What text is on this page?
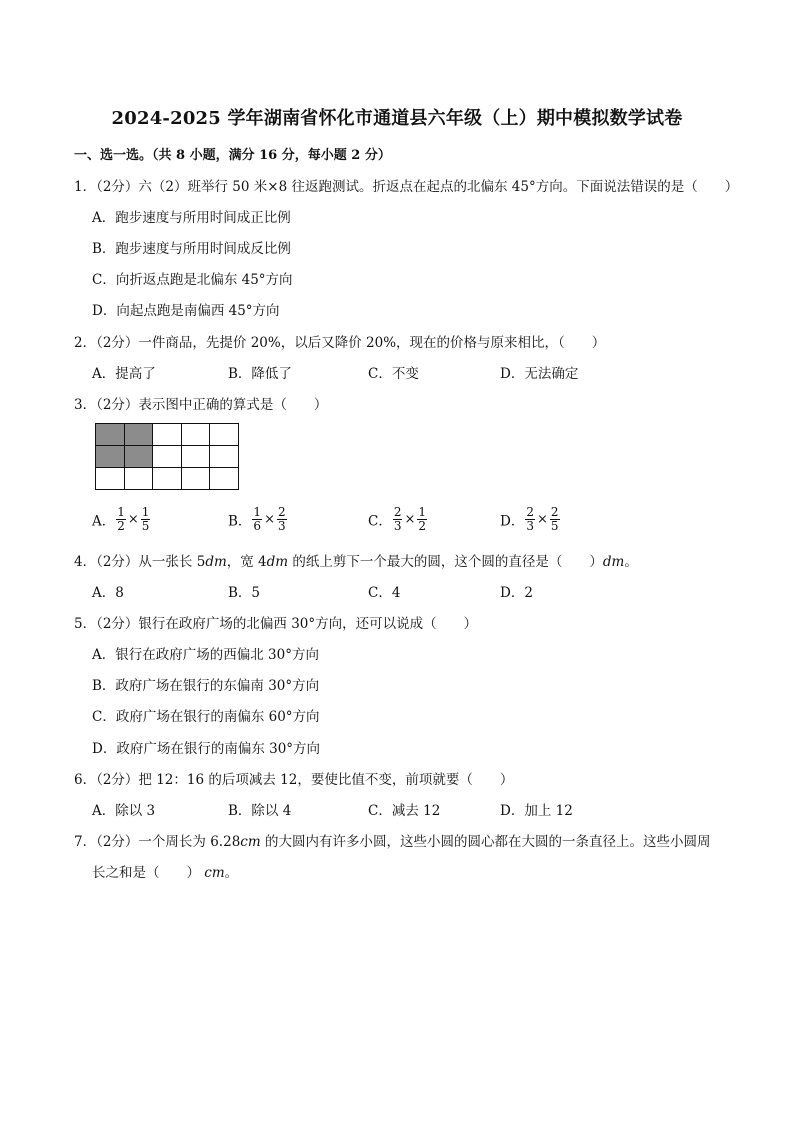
2024-2025 学年湖南省怀化市通道县六年级（上）期中模拟数学试卷
一、选一选。（共 8 小题，满分 16 分，每小题 2 分）
1．（2分）六（2）班举行 50 米×8 往返跑测试。折返点在起点的北偏东 45°方向。下面说法错误的是（　　）
A．跑步速度与所用时间成正比例
B．跑步速度与所用时间成反比例
C．向折返点跑是北偏东 45°方向
D．向起点跑是南偏西 45°方向
2．（2分）一件商品，先提价 20%，以后又降价 20%，现在的价格与原来相比，（　　）
A．提高了	B．降低了	C．不变	D．无法确定
3．（2分）表示图中正确的算式是（　　）

A． $\frac{1}{2} \times \frac{1}{5}$	B． $\frac{1}{6} \times \frac{2}{3}$	C． $\frac{2}{3} \times \frac{1}{2}$	D． $\frac{2}{3} \times \frac{2}{5}$
4．（2分）从一张长 5dm，宽 4dm 的纸上剪下一个最大的圆，这个圆的直径是（　　）dm。
A．8	B．5	C．4	D．2
5．（2分）银行在政府广场的北偏西 30°方向，还可以说成（　　）
A．银行在政府广场的西偏北 30°方向
B．政府广场在银行的东偏南 30°方向
C．政府广场在银行的南偏东 60°方向
D．政府广场在银行的南偏东 30°方向
6．（2分）把 12：16 的后项减去 12，要使比值不变，前项就要（　　）
A．除以 3	B．除以 4	C．减去 12	D．加上 12
7．（2分）一个周长为 6.28cm 的大圆内有许多小圆，这些小圆的圆心都在大圆的一条直径上。这些小圆周
长之和是（　　） cm。
